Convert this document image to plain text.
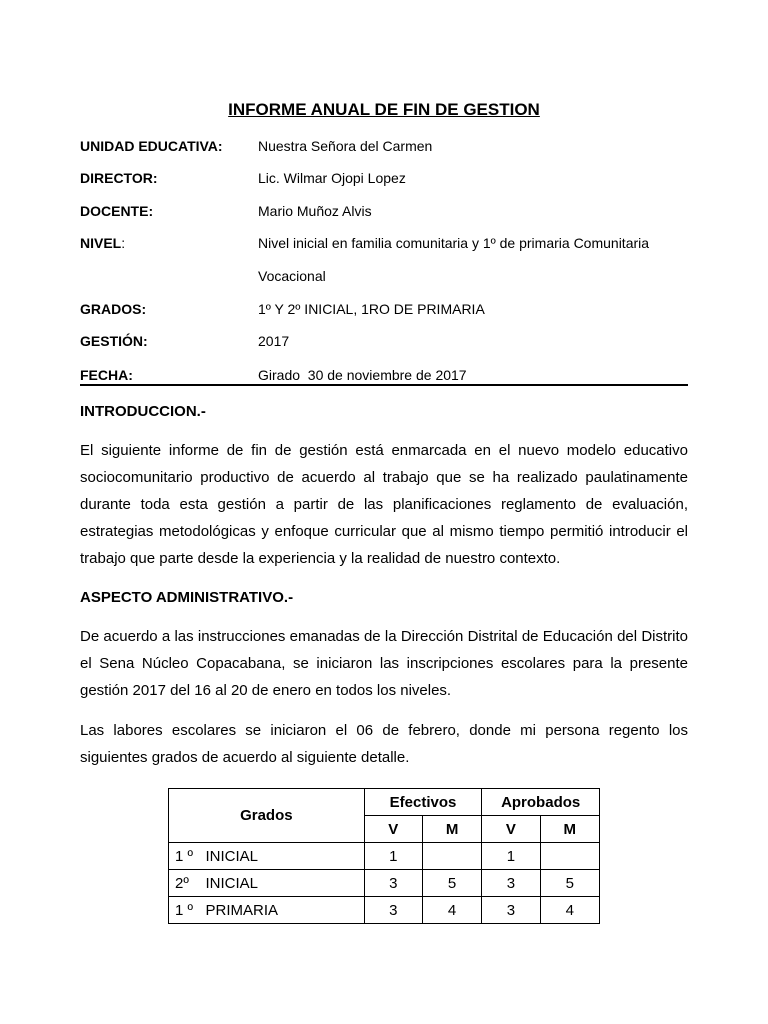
INFORME ANUAL DE FIN DE GESTION
UNIDAD EDUCATIVA:	Nuestra Señora del Carmen
DIRECTOR:	Lic. Wilmar Ojopi Lopez
DOCENTE:	Mario Muñoz Alvis
NIVEL:	Nivel inicial en familia comunitaria y 1º de primaria Comunitaria
Vocacional
GRADOS:	1º Y 2º INICIAL, 1RO DE PRIMARIA
GESTIÓN:	2017
FECHA:	Girado  30 de noviembre de 2017
INTRODUCCION.-
El siguiente informe de fin de gestión está enmarcada en el nuevo modelo educativo sociocomunitario productivo de acuerdo al trabajo que se ha realizado paulatinamente durante toda esta gestión a partir de las planificaciones reglamento de evaluación, estrategias metodológicas y enfoque curricular que al mismo tiempo permitió introducir el trabajo que parte desde la experiencia y la realidad de nuestro contexto.
ASPECTO ADMINISTRATIVO.-
De acuerdo a las instrucciones emanadas de la Dirección Distrital de Educación del Distrito el Sena Núcleo Copacabana, se iniciaron las inscripciones escolares para la presente gestión 2017 del 16 al 20 de enero en todos los niveles.
Las labores escolares se iniciaron el 06 de febrero, donde mi persona regento los siguientes grados de acuerdo al siguiente detalle.
Grados	Efectivos		Aprobados	
	V	M	V	M
1 º   INICIAL	1		1	
2º    INICIAL	3	5	3	5
1 º   PRIMARIA	3	4	3	4
